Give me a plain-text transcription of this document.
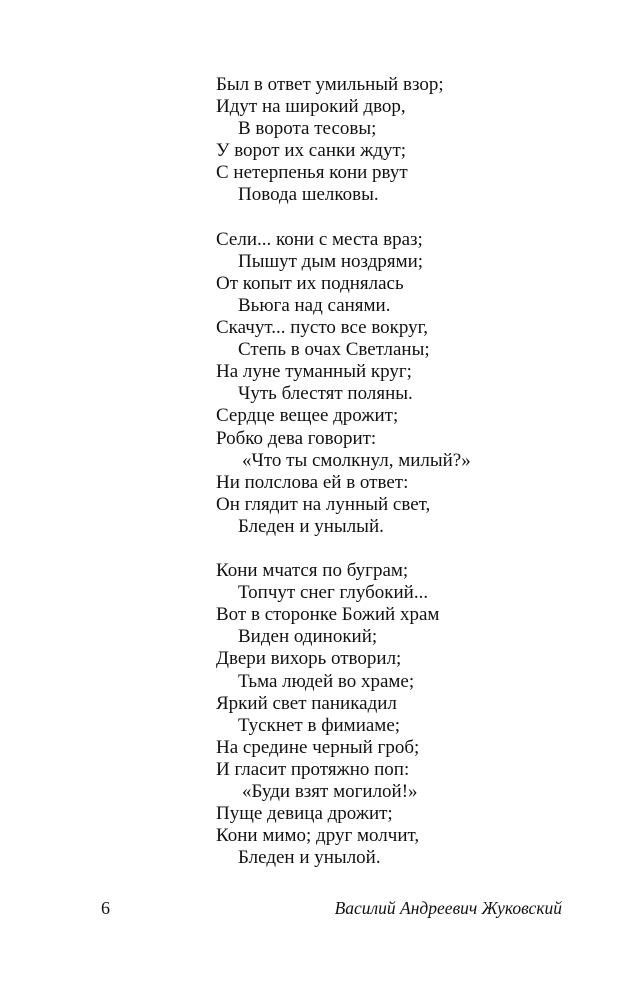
Был в ответ умильный взор;
Идут на широкий двор,
В ворота тесовы;
У ворот их санки ждут;
С нетерпенья кони рвут
Повода шелковы.
Сели... кони с места враз;
Пышут дым ноздрями;
От копыт их поднялась
Вьюга над санями.
Скачут... пусто все вокруг,
Степь в очах Светланы;
На луне туманный круг;
Чуть блестят поляны.
Сердце вещее дрожит;
Робко дева говорит:
«Что ты смолкнул, милый?»
Ни полслова ей в ответ:
Он глядит на лунный свет,
Бледен и унылый.
Кони мчатся по буграм;
Топчут снег глубокий...
Вот в сторонке Божий храм
Виден одинокий;
Двери вихорь отворил;
Тьма людей во храме;
Яркий свет паникадил
Тускнет в фимиаме;
На средине черный гроб;
И гласит протяжно поп:
«Буди взят могилой!»
Пуще девица дрожит;
Кони мимо; друг молчит,
Бледен и унылой.
6	Василий Андреевич Жуковский
